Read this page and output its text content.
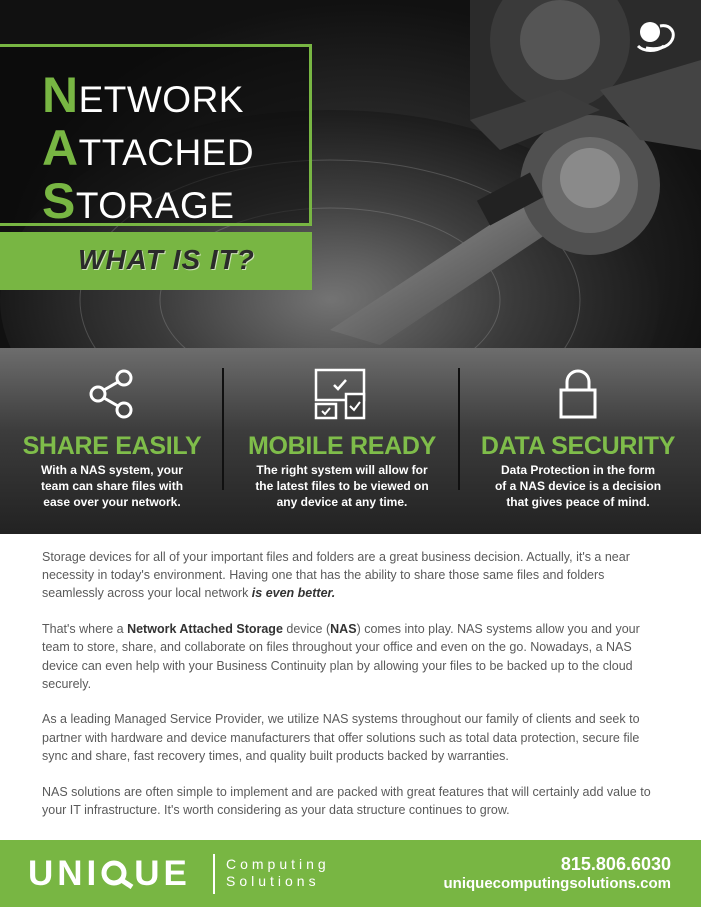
NETWORK
ATTACHED
STORAGE
WHAT IS IT?
SHARE EASILY

With a NAS system, your team can share files with ease over your network.

MOBILE READY

The right system will allow for the latest files to be viewed on any device at any time.

DATA SECURITY

Data Protection in the form of a NAS device is a decision that gives peace of mind.

Storage devices for all of your important files and folders are a great business decision. Actually, it's a near necessity in today's environment. Having one that has the ability to share those same files and folders seamlessly across your local network is even better.

That's where a Network Attached Storage device (NAS) comes into play. NAS systems allow you and your team to store, share, and collaborate on files throughout your office and even on the go. Nowadays, a NAS device can even help with your Business Continuity plan by allowing your files to be backed up to the cloud securely.

As a leading Managed Service Provider, we utilize NAS systems throughout our family of clients and seek to partner with hardware and device manufacturers that offer solutions such as total data protection, secure file sync and share, fast recovery times, and quality built products backed by warranties.

NAS solutions are often simple to implement and are packed with great features that will certainly add value to your IT infrastructure. It's worth considering as your data structure continues to grow.

UNI UE	Computing
Solutions
815.806.6030
uniquecomputingsolutions.com
